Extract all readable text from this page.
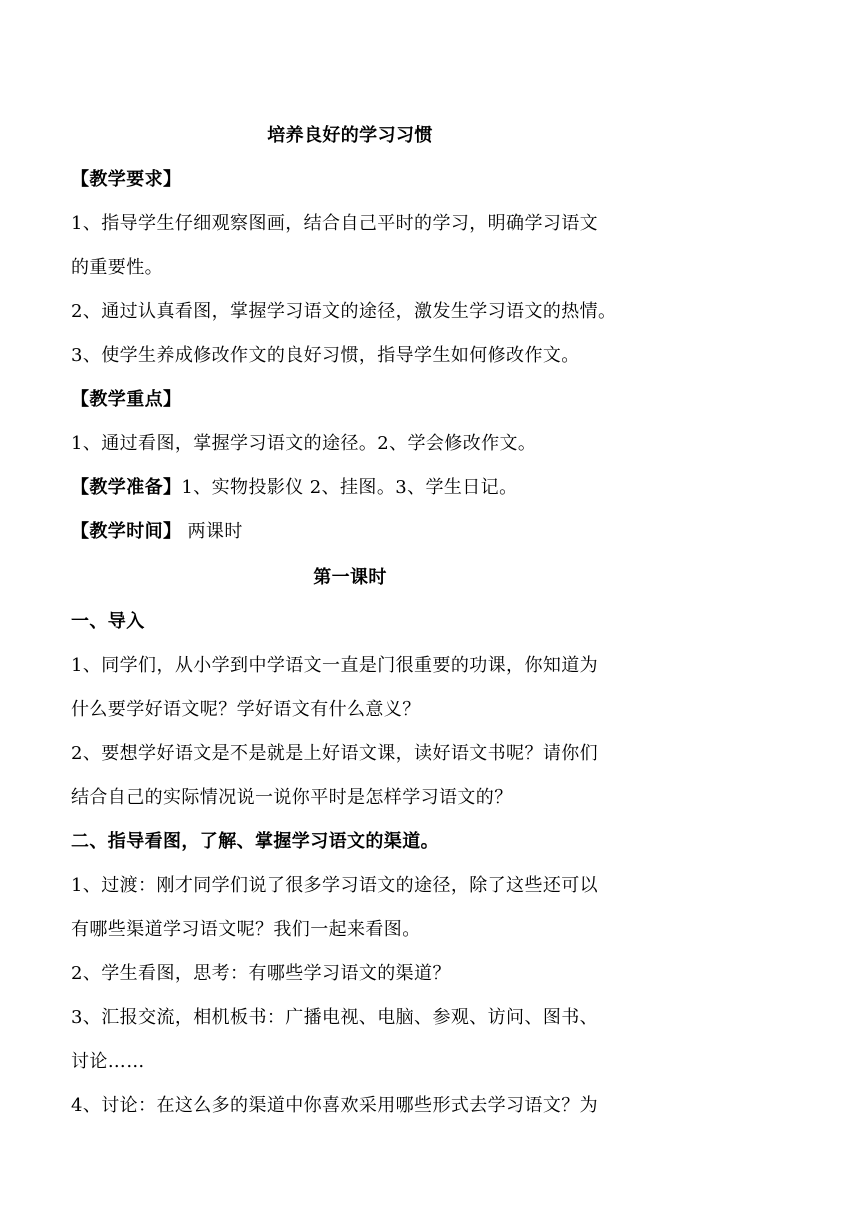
培养良好的学习习惯
【教学要求】
1、指导学生仔细观察图画，结合自己平时的学习，明确学习语文
的重要性。
2、通过认真看图，掌握学习语文的途径，激发生学习语文的热情。
3、使学生养成修改作文的良好习惯，指导学生如何修改作文。
【教学重点】
1、通过看图，掌握学习语文的途径。2、学会修改作文。
【教学准备】1、实物投影仪 2、挂图。3、学生日记。
【教学时间】 两课时
第一课时
一、导入
1、同学们，从小学到中学语文一直是门很重要的功课，你知道为
什么要学好语文呢？学好语文有什么意义？
2、要想学好语文是不是就是上好语文课，读好语文书呢？请你们
结合自己的实际情况说一说你平时是怎样学习语文的？
二、指导看图，了解、掌握学习语文的渠道。
1、过渡：刚才同学们说了很多学习语文的途径，除了这些还可以
有哪些渠道学习语文呢？我们一起来看图。
2、学生看图，思考：有哪些学习语文的渠道？
3、汇报交流，相机板书：广播电视、电脑、参观、访问、图书、
讨论……
4、讨论：在这么多的渠道中你喜欢采用哪些形式去学习语文？为
